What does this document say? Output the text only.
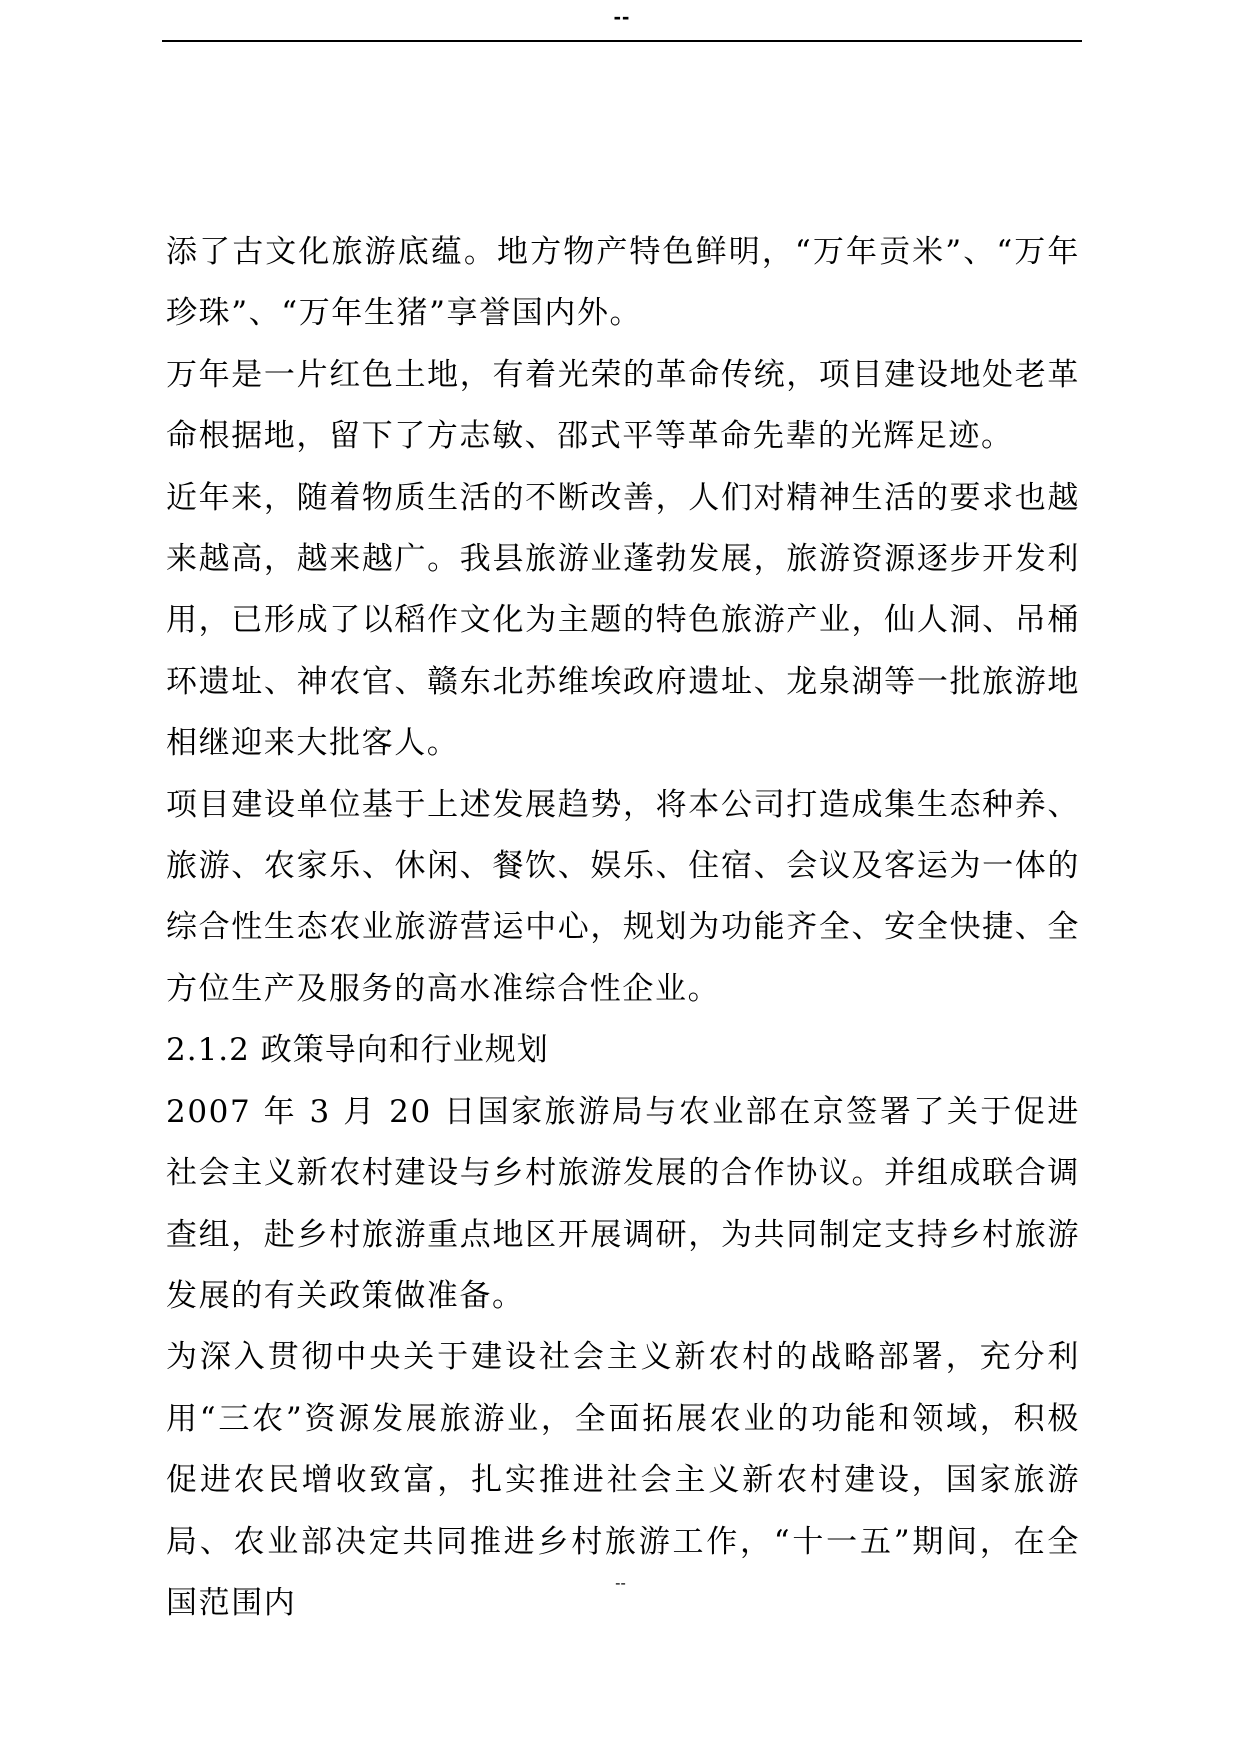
--

添了古文化旅游底蕴。地方物产特色鲜明，“万年贡米”、“万年珍珠”、“万年生猪”享誉国内外。

万年是一片红色土地，有着光荣的革命传统，项目建设地处老革命根据地，留下了方志敏、邵式平等革命先辈的光辉足迹。

近年来，随着物质生活的不断改善，人们对精神生活的要求也越来越高，越来越广。我县旅游业蓬勃发展，旅游资源逐步开发利用，已形成了以稻作文化为主题的特色旅游产业，仙人洞、吊桶环遗址、神农官、赣东北苏维埃政府遗址、龙泉湖等一批旅游地相继迎来大批客人。

项目建设单位基于上述发展趋势，将本公司打造成集生态种养、旅游、农家乐、休闲、餐饮、娱乐、住宿、会议及客运为一体的综合性生态农业旅游营运中心，规划为功能齐全、安全快捷、全方位生产及服务的高水准综合性企业。

2.1.2 政策导向和行业规划

2007 年 3 月 20 日国家旅游局与农业部在京签署了关于促进社会主义新农村建设与乡村旅游发展的合作协议。并组成联合调查组，赴乡村旅游重点地区开展调研，为共同制定支持乡村旅游发展的有关政策做准备。

为深入贯彻中央关于建设社会主义新农村的战略部署，充分利用“三农”资源发展旅游业，全面拓展农业的功能和领域，积极促进农民增收致富，扎实推进社会主义新农村建设，国家旅游局、农业部决定共同推进乡村旅游工作，“十一五”期间，在全国范围内

--
